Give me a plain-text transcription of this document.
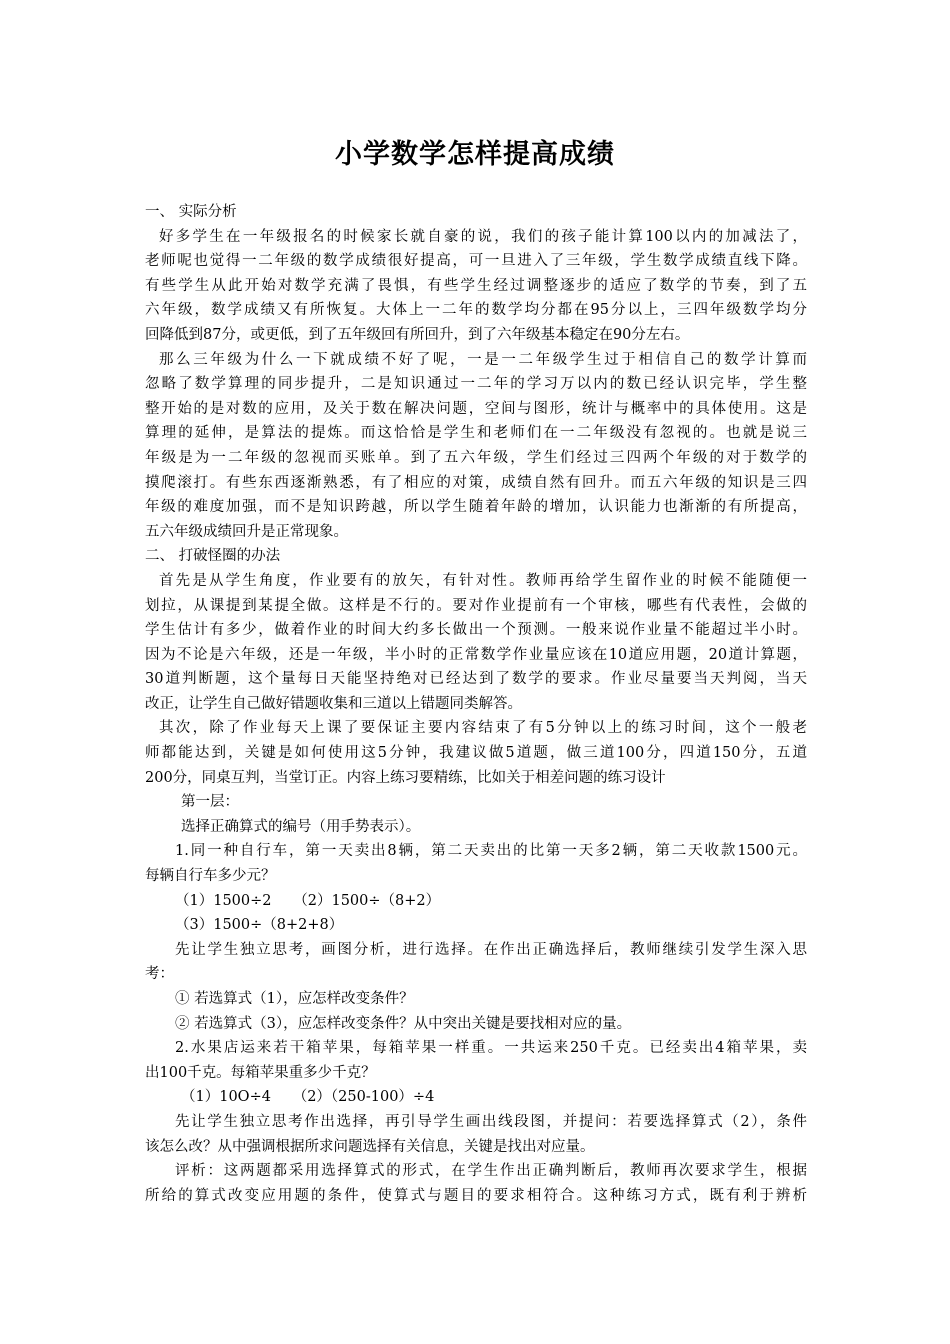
小学数学怎样提高成绩
一、 实际分析
好多学生在一年级报名的时候家长就自豪的说，我们的孩子能计算100以内的加减法了，
老师呢也觉得一二年级的数学成绩很好提高，可一旦进入了三年级，学生数学成绩直线下降。
有些学生从此开始对数学充满了畏惧，有些学生经过调整逐步的适应了数学的节奏，到了五
六年级，数学成绩又有所恢复。大体上一二年的数学均分都在95分以上，三四年级数学均分
回降低到87分，或更低，到了五年级回有所回升，到了六年级基本稳定在90分左右。
那么三年级为什么一下就成绩不好了呢，一是一二年级学生过于相信自己的数学计算而
忽略了数学算理的同步提升，二是知识通过一二年的学习万以内的数已经认识完毕，学生整
整开始的是对数的应用，及关于数在解决问题，空间与图形，统计与概率中的具体使用。这是
算理的延伸，是算法的提炼。而这恰恰是学生和老师们在一二年级没有忽视的。也就是说三
年级是为一二年级的忽视而买账单。到了五六年级，学生们经过三四两个年级的对于数学的
摸爬滚打。有些东西逐渐熟悉，有了相应的对策，成绩自然有回升。而五六年级的知识是三四
年级的难度加强，而不是知识跨越，所以学生随着年龄的增加，认识能力也渐渐的有所提高，
五六年级成绩回升是正常现象。
二、 打破怪圈的办法
首先是从学生角度，作业要有的放矢，有针对性。教师再给学生留作业的时候不能随便一
划拉，从课提到某提全做。这样是不行的。要对作业提前有一个审核，哪些有代表性，会做的
学生估计有多少，做着作业的时间大约多长做出一个预测。一般来说作业量不能超过半小时。
因为不论是六年级，还是一年级，半小时的正常数学作业量应该在10道应用题，20道计算题，
30道判断题，这个量每日天能坚持绝对已经达到了数学的要求。作业尽量要当天判阅，当天
改正，让学生自己做好错题收集和三道以上错题同类解答。
其次，除了作业每天上课了要保证主要内容结束了有5分钟以上的练习时间，这个一般老
师都能达到，关键是如何使用这5分钟，我建议做5道题，做三道100分，四道150分，五道
200分，同桌互判，当堂订正。内容上练习要精练，比如关于相差问题的练习设计
第一层：
选择正确算式的编号（用手势表示）。
1.同一种自行车，第一天卖出8辆，第二天卖出的比第一天多2辆，第二天收款1500元。
每辆自行车多少元？
（1）1500÷2　　（2）1500÷（8+2）
（3）1500÷（8+2+8）
先让学生独立思考，画图分析，进行选择。在作出正确选择后，教师继续引发学生深入思
考：
① 若选算式（1），应怎样改变条件？
② 若选算式（3），应怎样改变条件？从中突出关键是要找相对应的量。
2.水果店运来若干箱苹果，每箱苹果一样重。一共运来250千克。已经卖出4箱苹果，卖
出100千克。每箱苹果重多少千克？
（1）10O÷4　　（2）（250-100）÷4
先让学生独立思考作出选择，再引导学生画出线段图，并提问：若要选择算式（2），条件
该怎么改？从中强调根据所求问题选择有关信息，关键是找出对应量。
评析：这两题都采用选择算式的形式，在学生作出正确判断后，教师再次要求学生，根据
所给的算式改变应用题的条件，使算式与题目的要求相符合。这种练习方式，既有利于辨析
